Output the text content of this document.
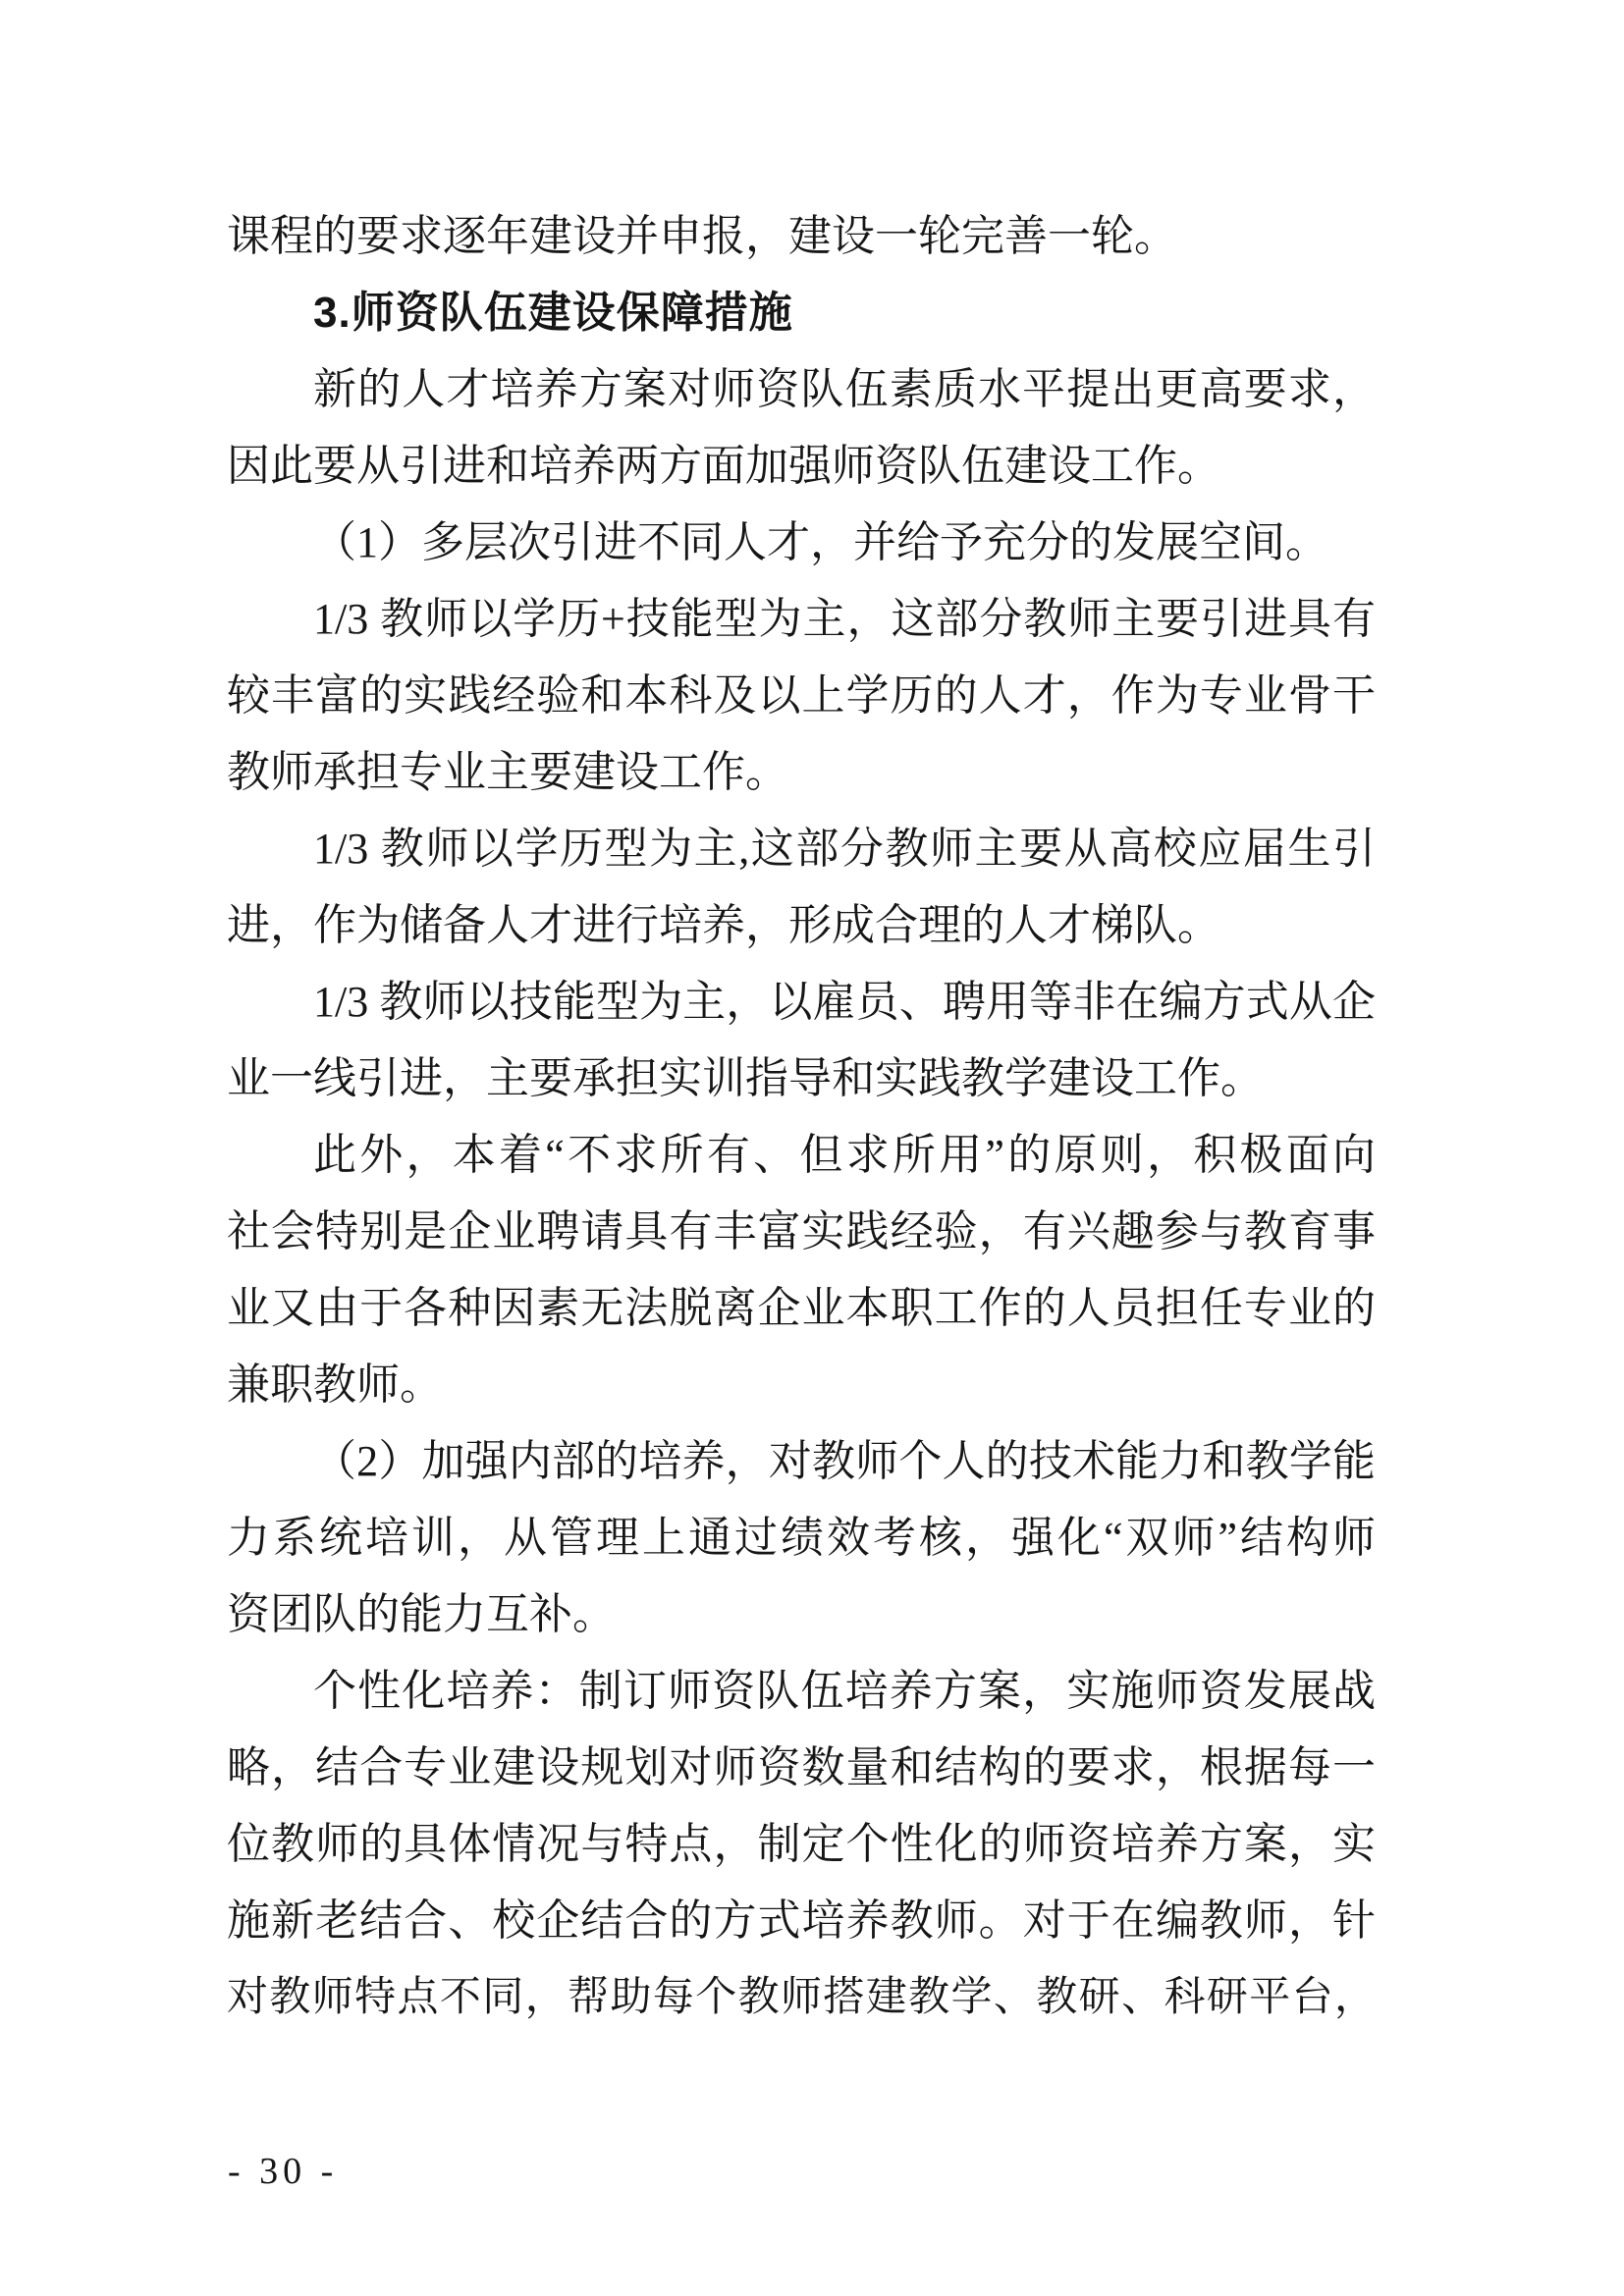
课程的要求逐年建设并申报，建设一轮完善一轮。
3.师资队伍建设保障措施
新的人才培养方案对师资队伍素质水平提出更高要求，
因此要从引进和培养两方面加强师资队伍建设工作。
（1）多层次引进不同人才，并给予充分的发展空间。
1/3 教师以学历+技能型为主，这部分教师主要引进具有
较丰富的实践经验和本科及以上学历的人才，作为专业骨干
教师承担专业主要建设工作。
1/3 教师以学历型为主,这部分教师主要从高校应届生引
进，作为储备人才进行培养，形成合理的人才梯队。
1/3 教师以技能型为主，以雇员、聘用等非在编方式从企
业一线引进，主要承担实训指导和实践教学建设工作。
此外，本着“不求所有、但求所用”的原则，积极面向
社会特别是企业聘请具有丰富实践经验，有兴趣参与教育事
业又由于各种因素无法脱离企业本职工作的人员担任专业的
兼职教师。
（2）加强内部的培养，对教师个人的技术能力和教学能
力系统培训，从管理上通过绩效考核，强化“双师”结构师
资团队的能力互补。
个性化培养：制订师资队伍培养方案，实施师资发展战
略，结合专业建设规划对师资数量和结构的要求，根据每一
位教师的具体情况与特点，制定个性化的师资培养方案，实
施新老结合、校企结合的方式培养教师。对于在编教师，针
对教师特点不同，帮助每个教师搭建教学、教研、科研平台，
- 30 -
